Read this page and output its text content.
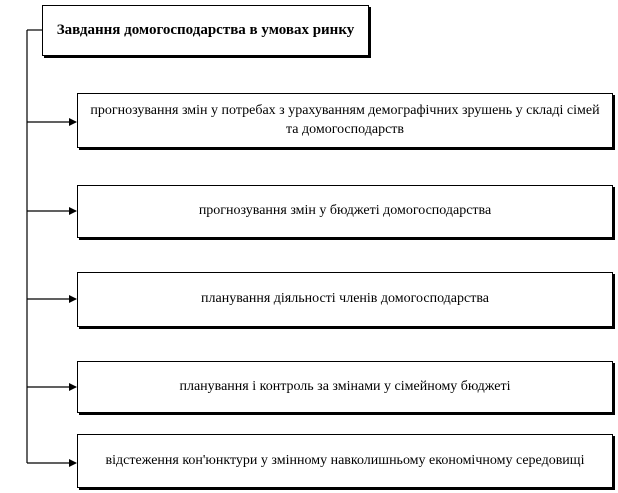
Завдання домогосподарства в умовах ринку
прогнозування змін у потребах з урахуванням демографічних зрушень у складі сімей та домогосподарств
прогнозування змін у бюджеті домогосподарства
планування діяльності членів домогосподарства
планування і контроль за змінами у сімейному бюджеті
відстеження кон'юнктури у змінному навколишньому економічному середовищі
